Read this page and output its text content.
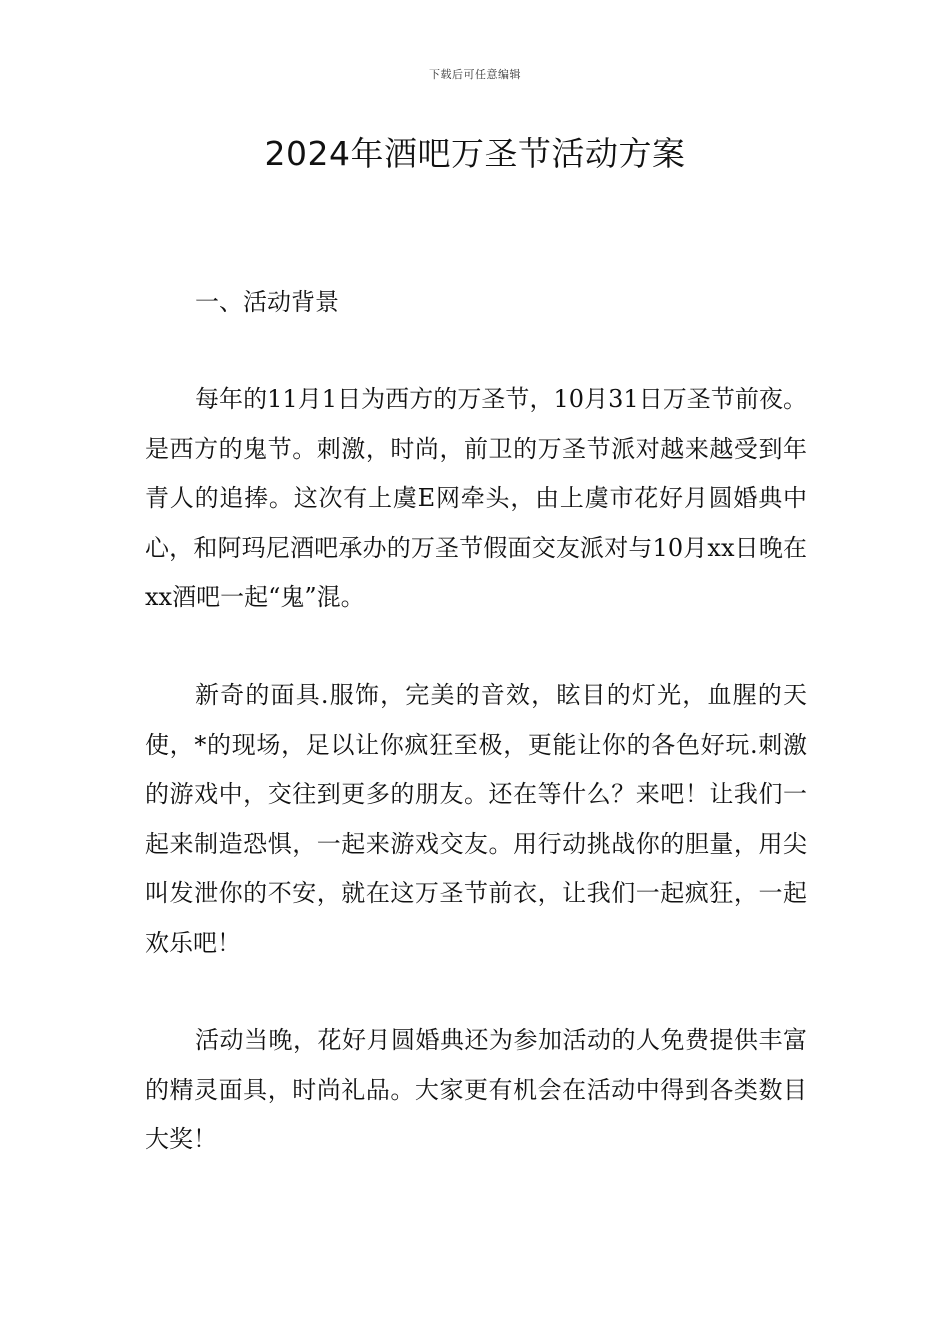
下载后可任意编辑
2024年酒吧万圣节活动方案
一、活动背景

每年的11月1日为西方的万圣节，10月31日万圣节前夜。是西方的鬼节。刺激，时尚，前卫的万圣节派对越来越受到年青人的追捧。这次有上虞E网牵头，由上虞市花好月圆婚典中心，和阿玛尼酒吧承办的万圣节假面交友派对与10月xx日晚在xx酒吧一起“鬼”混。

新奇的面具.服饰，完美的音效，眩目的灯光，血腥的天使，*的现场，足以让你疯狂至极，更能让你的各色好玩.刺激的游戏中，交往到更多的朋友。还在等什么？来吧！让我们一起来制造恐惧，一起来游戏交友。用行动挑战你的胆量，用尖叫发泄你的不安，就在这万圣节前衣，让我们一起疯狂，一起欢乐吧！

活动当晚，花好月圆婚典还为参加活动的人免费提供丰富的精灵面具，时尚礼品。大家更有机会在活动中得到各类数目大奖！
